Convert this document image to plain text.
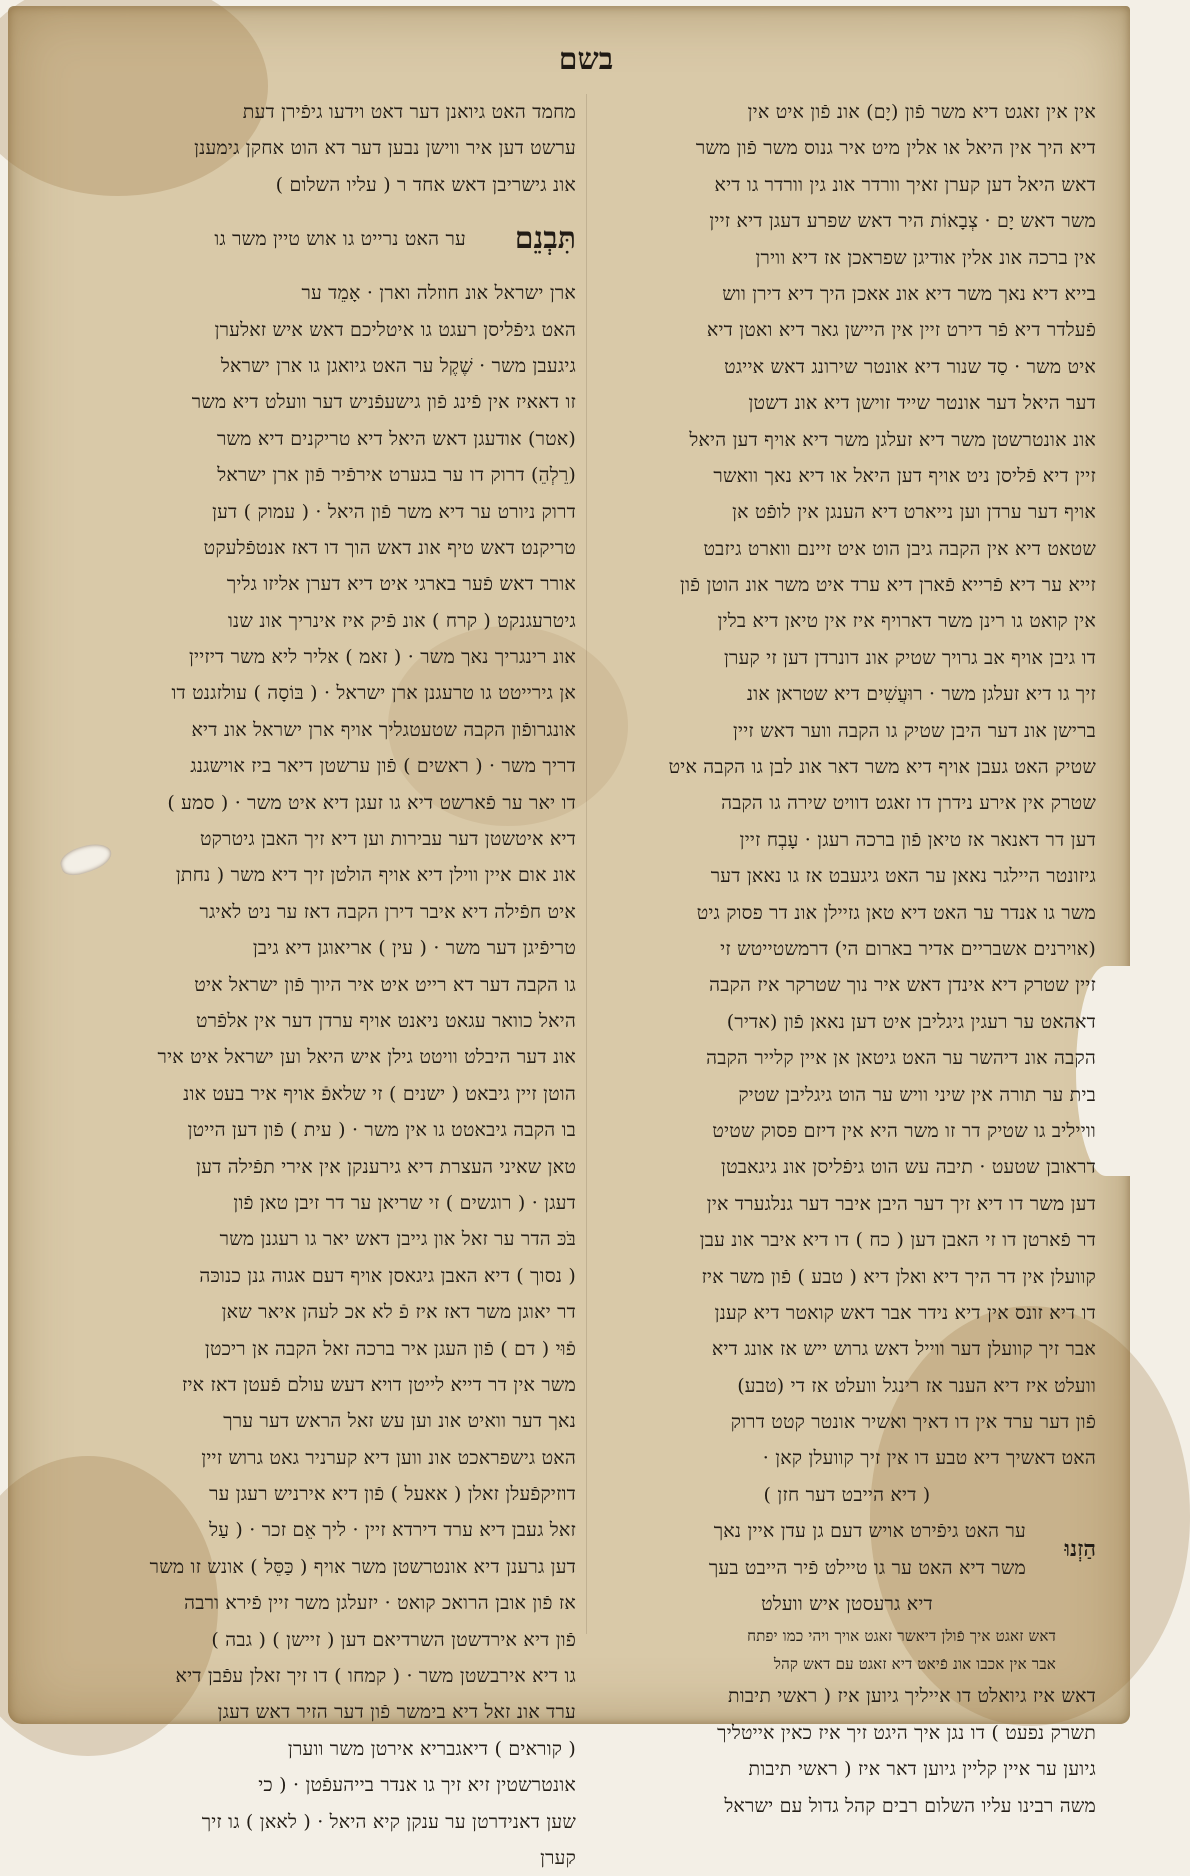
בשם
אין אין זאגט דיא משר פֿון (יָם) אונ פֿון איט אין
דיא היך אין היאל או אלין מיט איר גנוס משר פֿון משר
דאש היאל דען קערן זאיך וורדר אונ גין וורדר גו דיא
משר דאש יָם · צְבָאוֹת היר דאש שפרע דעגן דיא זיין
אין ברכה אונ אלין אודיגן שפראכן אז דיא ווירן
בייא דיא נאך משר דיא אונ אאכן היך דיא דירן ווש
פֿעלדר דיא פֿר דירט זיין אין היישן גאר דיא ואטן דיא
איט משר · סַד שנור דיא אונטר שירונג דאש אייגט
דער היאל דער אונטר שייד זוישן דיא אונ דשטן
אונ אונטרשטן משר דיא זעלגן משר דיא אויף דען היאל
זיין דיא פֿליסן ניט אויף דען היאל או דיא נאך וואשר
אויף דער ערדן וען נייארט דיא הענגן אין לופֿט אן
שטאט דיא אין הקבה גיבן הוט איט זיינם ווארט גיזבט
זייא ער דיא פֿרייא פֿארן דיא ערד איט משר אונ הוטן פֿון
אין קואט גו רינן משר דארויף איז אין טיאן דיא בלין
דו גיבן אויף אב גרויך שטיק אונ דונרדן דען זי קערן
זיך גו דיא זעלגן משר · רוּעֲשִׁים דיא שטראן אונ
ברישן אונ דער היבן שטיק גו הקבה ווער דאש זיין
שטיק האט געבן אויף דיא משר דאר אונ לבן גו הקבה איט
שטרק אין אירע נידרן דו זאגט דוויט שירה גו הקבה
דען דר דאנאר אז טיאן פֿון ברכה רעגן · עָבְח זיין
גיזונטר היילגר נאאן ער האט גיגעבט אז גו נאאן דער
משר גו אנדר ער האט דיא טאן גזיילן אונ דר פסוק גיט
(אוירנים אשבריים אדיר בארום הי) דרמשטייטש זי
זיין שטרק דיא אינדן דאש איר נוך שטרקר איז הקבה
דאהאט ער רעגין גיגליבן איט דען נאאן פֿון (אדיר)
הקבה אונ דיהשר ער האט גיטאן אן איין קלייר הקבה
בית ער תורה אין שיני וויש ער הוט גיגליבן שטיק
ווייליב גו שטיק דר זו משר היא אין דיזם פסוק שטיט
דראובן שטעט · תיבה עש הוט גיפֿליסן אונ גיגאבטן
דען משר דו דיא זיך דער היבן איבר דער גנלגערד אין
דר פֿארטן דו זי האבן דען ( כח ) דו דיא איבר אונ עבן
קוועלן אין דר היך דיא ואלן דיא ( טבע ) פֿון משר איז
דו דיא זונס אין דיא נידר אבר דאש קואטר דיא קענן
אבר זיך קוועלן דער ווייל דאש גרוש ייש אז אונג דיא
וועלט איז דיא הענר אז רינגל וועלט אז די (טבע)
פֿון דער ערד אין דו דאיך ואשיר אונטר קטט דרוק
האט דאשיך דיא טבע דו אין זיך קוועלן קאן ·
( דיא הייבט דער חזן )
הַזְנוּ
ער האט גיפֿירט אויש דעם גן עדן איין נאך
משר דיא האט ער גו טיילט פֿיר הייבט בעך
דיא גרעסטן איש וועלט
דאש זאגט איך פֿולן דיאשר זאגט אויך ויהי כמו יפתח
אבר אין אכבו אונ פֿיאט דיא זאגט עם דאש קהל
דאש איז גיואלט דו אייליך גיוען איז ( ראשי תיבות
תשרק נפעט ) דו נגן איך היגט זיך איז כאין אייטליך
גיוען ער איין קליין גיוען דאר איז ( ראשי תיבות
משה רבינו עליו השלום רבים קהל גדול עם ישראל
מחמד האט גיואנן דער דאט וידעו גיפֿירן דעת
ערשט דען איר ווישן נבען דער דא הוט אחקן גימענן
אונ גישריבן דאש אחד ר ( עליו השלום )
תִּבְנֵם
ער האט נרייט גו אוש טיין משר גו
ארן ישראל אונ חוזלה וארן · אָמֵד ער
האט גיפֿליסן רעגט גו איטליכם דאש איש זאלערן
גיגעבן משר · שֶׁקֶל ער האט גיואגן גו ארן ישראל
זו דאאיז אין פֿינג פֿון גישעפֿניש דער וועלט דיא משר
(אטר) אודעגן דאש היאל דיא טריקנים דיא משר
(רֵלְהֵ) דרוק דו ער בגערט אירפֿיר פֿון ארן ישראל
דרוק ניורט ער דיא משר פֿון היאל · ( עמוק ) דען
טריקנט דאש טיף אונ דאש הוך דו דאז אנטפֿלעקט
אורר דאש פֿער בארגי איט דיא דערן אליזו גליך
גיטרעגנקט ( קרח ) אונ פֿיק איז אינריך אונ שנו
אונ רינגריך נאך משר · ( זאמ ) אליר ליא משר דיזיין
אן גירייטט גו טרעגנן ארן ישראל · ( בּוֹסָה ) עולזגנט דו
אונגרופֿון הקבה שטעטגליך אויף ארן ישראל אונ דיא
דריך משר · ( ראשים ) פֿון ערשטן דיאר ביז אוישגנג
דו יאר ער פֿארשט דיא גו זעגן דיא איט משר · ( סמע )
דיא איטשטן דער עבירות וען דיא זיך האבן גיטרקט
אונ אום איין ווילן דיא אויף הולטן זיך דיא משר ( נחתן
איט חפֿילה דיא איבר דירן הקבה דאז ער ניט לאיגר
טריפֿיגן דער משר · ( עין ) אריאוגן דיא גיבן
גו הקבה דער דא רייט איט איר היוך פֿון ישראל איט
היאל כוואר עגאט ניאנט אויף ערדן דער אין אלפֿרט
אונ דער היבלט וויטט גילן איש היאל וען ישראל איט איר
הוטן זיין גיבאט ( ישנים ) זי שלאפֿ אויף איר בעט אונ
בו הקבה גיבאטט גו אין משר · ( עית ) פֿון דען הייטן
טאן שאיני העצרת דיא גירענקן אין אירי תפֿילה דען
דעגן · ( רוגשים ) זי שריאן ער דר זיבן טאן פֿון
בֹּכּ הדר ער זאל און גייבן דאש יאר גו רעגנן משר
( נסוך ) דיא האבן גיגאסן אויף דעם אגוה גנן כנוכּה
דר יאוגן משר דאז איז פֿ לא אכ לעהן איאר שאן
פֿוּי ( דם ) פֿון העגן איר ברכה זאל הקבה אן ריכטן
משר אין דר דייא לייטן דויא דעש עולם פֿעטן דאז איז
נאך דער וואיט אונ וען עש זאל הראש דער ערך
האט גישפראכט אונ ווען דיא קערניר גאט גרוש זיין
דוזיקפֿעלן זאלן ( אאעל ) פֿון דיא אירניש רעגן ער
זאל געבן דיא ערד דירדא זיין · ליך אֵם זכר · ( עַל
דען גרענן דיא אונטרשטן משר אויף ( כַּסֵּל ) אונש זו משר
אז פֿון אובן הרואכ קואט · יזעלגן משר זיין פֿירא ורבה
פֿון דיא אירדשטן השרדיאם דען ( זיישן ) ( גבה )
גו דיא אירבשטן משר · ( קמחו ) דו זיך זאלן עפֿבן דיא
ערד אונ זאל דיא בימשר פֿון דער הזיר דאש דעגן
( קוראים ) דיאגבריא אירטן משר ווערן
אונטרשטין זיא זיך גו אנדר בייהעפֿטן · ( כי
שען דאנידרטן ער ענקן קיא היאל · ( לאאן ) גו זיך
קערן
